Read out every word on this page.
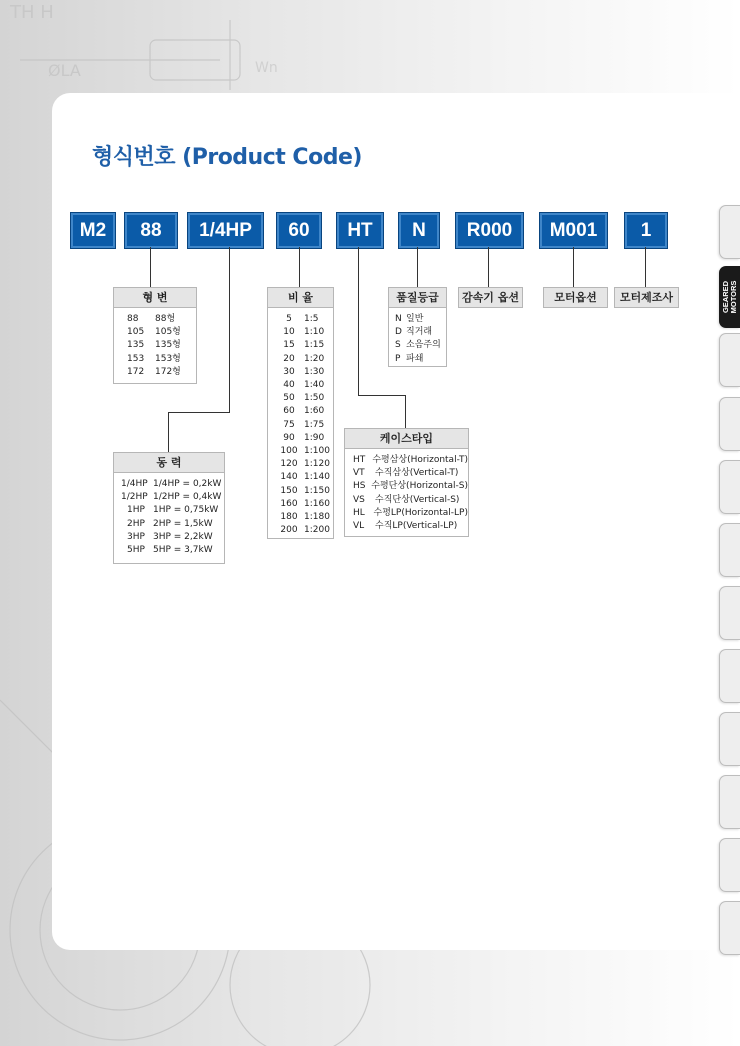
TH H
ØLA	Wn
형식번호 (Product Code)
M2	88	1/4HP	60	HT	N	R000	M001	1
형 변
88	88형
105	105형
135	135형
153	153형
172	172형
비 율
5	1:5
10	1:10
15	1:15
20	1:20
30	1:30
40	1:40
50	1:50
60	1:60
75	1:75
90	1:90
100 1:100
120 1:120
140 1:140
150 1:150
160 1:160
180 1:180
200 1:200
품질등급
N 일반
D 직거래
S 소음주의
P 파쇄
감속기 옵션	모터옵션	모터제조사
케이스타입
HT 수평삼상(Horizontal-T)
VT	수직삼상(Vertical-T)
HS 수평단상(Horizontal-S)
VS	수직단상(Vertical-S)
HL 수평LP(Horizontal-LP)
VL	수직LP(Vertical-LP)
동 력
1/4HP 1/4HP = 0,2kW
1/2HP 1/2HP = 0,4kW
1HP 1HP = 0,75kW
2HP 2HP = 1,5kW
3HP 3HP = 2,2kW
5HP 5HP = 3,7kW
GEARED
MOTORS
